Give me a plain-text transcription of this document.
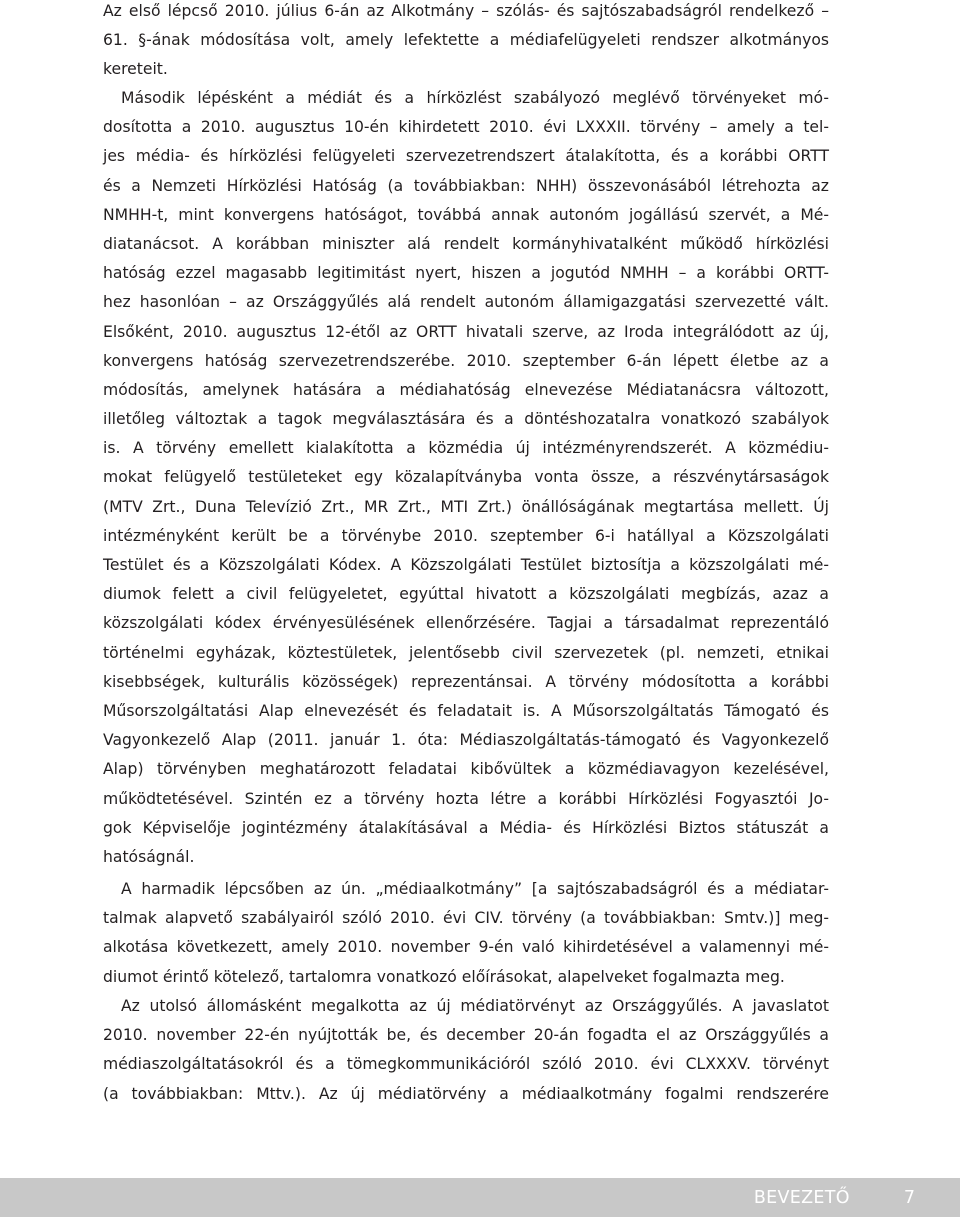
Az első lépcső 2010. július 6-án az Alkotmány – szólás- és sajtószabadságról rendelkező –
61. §-ának módosítása volt, amely lefektette a médiafelügyeleti rendszer alkotmányos
kereteit.
Második lépésként a médiát és a hírközlést szabályozó meglévő törvényeket mó-
dosította a 2010. augusztus 10-én kihirdetett 2010. évi LXXXII. törvény – amely a tel-
jes média- és hírközlési felügyeleti szervezetrendszert átalakította, és a korábbi ORTT
és a Nemzeti Hírközlési Hatóság (a továbbiakban: NHH) összevonásából létrehozta az
NMHH-t, mint konvergens hatóságot, továbbá annak autonóm jogállású szervét, a Mé-
diatanácsot. A korábban miniszter alá rendelt kormányhivatalként működő hírközlési
hatóság ezzel magasabb legitimitást nyert, hiszen a jogutód NMHH – a korábbi ORTT-
hez hasonlóan – az Országgyűlés alá rendelt autonóm államigazgatási szervezetté vált.
Elsőként, 2010. augusztus 12-étől az ORTT hivatali szerve, az Iroda integrálódott az új,
konvergens hatóság szervezetrendszerébe. 2010. szeptember 6-án lépett életbe az a
módosítás, amelynek hatására a médiahatóság elnevezése Médiatanácsra változott,
illetőleg változtak a tagok megválasztására és a döntéshozatalra vonatkozó szabályok
is. A törvény emellett kialakította a közmédia új intézményrendszerét. A közmédiu-
mokat felügyelő testületeket egy közalapítványba vonta össze, a részvénytársaságok
(MTV Zrt., Duna Televízió Zrt., MR Zrt., MTI Zrt.) önállóságának megtartása mellett. Új
intézményként került be a törvénybe 2010. szeptember 6-i hatállyal a Közszolgálati
Testület és a Közszolgálati Kódex. A Közszolgálati Testület biztosítja a közszolgálati mé-
diumok felett a civil felügyeletet, egyúttal hivatott a közszolgálati megbízás, azaz a
közszolgálati kódex érvényesülésének ellenőrzésére. Tagjai a társadalmat reprezentáló
történelmi egyházak, köztestületek, jelentősebb civil szervezetek (pl. nemzeti, etnikai
kisebbségek, kulturális közösségek) reprezentánsai. A törvény módosította a korábbi
Műsorszolgáltatási Alap elnevezését és feladatait is. A Műsorszolgáltatás Támogató és
Vagyonkezelő Alap (2011. január 1. óta: Médiaszolgáltatás-támogató és Vagyonkezelő
Alap) törvényben meghatározott feladatai kibővültek a közmédiavagyon kezelésével,
működtetésével. Szintén ez a törvény hozta létre a korábbi Hírközlési Fogyasztói Jo-
gok Képviselője jogintézmény átalakításával a Média- és Hírközlési Biztos státuszát a
hatóságnál.
A harmadik lépcsőben az ún. „médiaalkotmány” [a sajtószabadságról és a médiatar-
talmak alapvető szabályairól szóló 2010. évi CIV. törvény (a továbbiakban: Smtv.)] meg-
alkotása következett, amely 2010. november 9-én való kihirdetésével a valamennyi mé-
diumot érintő kötelező, tartalomra vonatkozó előírásokat, alapelveket fogalmazta meg.
Az utolsó állomásként megalkotta az új médiatörvényt az Országgyűlés. A javaslatot
2010. november 22-én nyújtották be, és december 20-án fogadta el az Országgyűlés a
médiaszolgáltatásokról és a tömegkommunikációról szóló 2010. évi CLXXXV. törvényt
(a továbbiakban: Mttv.). Az új médiatörvény a médiaalkotmány fogalmi rendszerére
BEVEZETŐ	7
